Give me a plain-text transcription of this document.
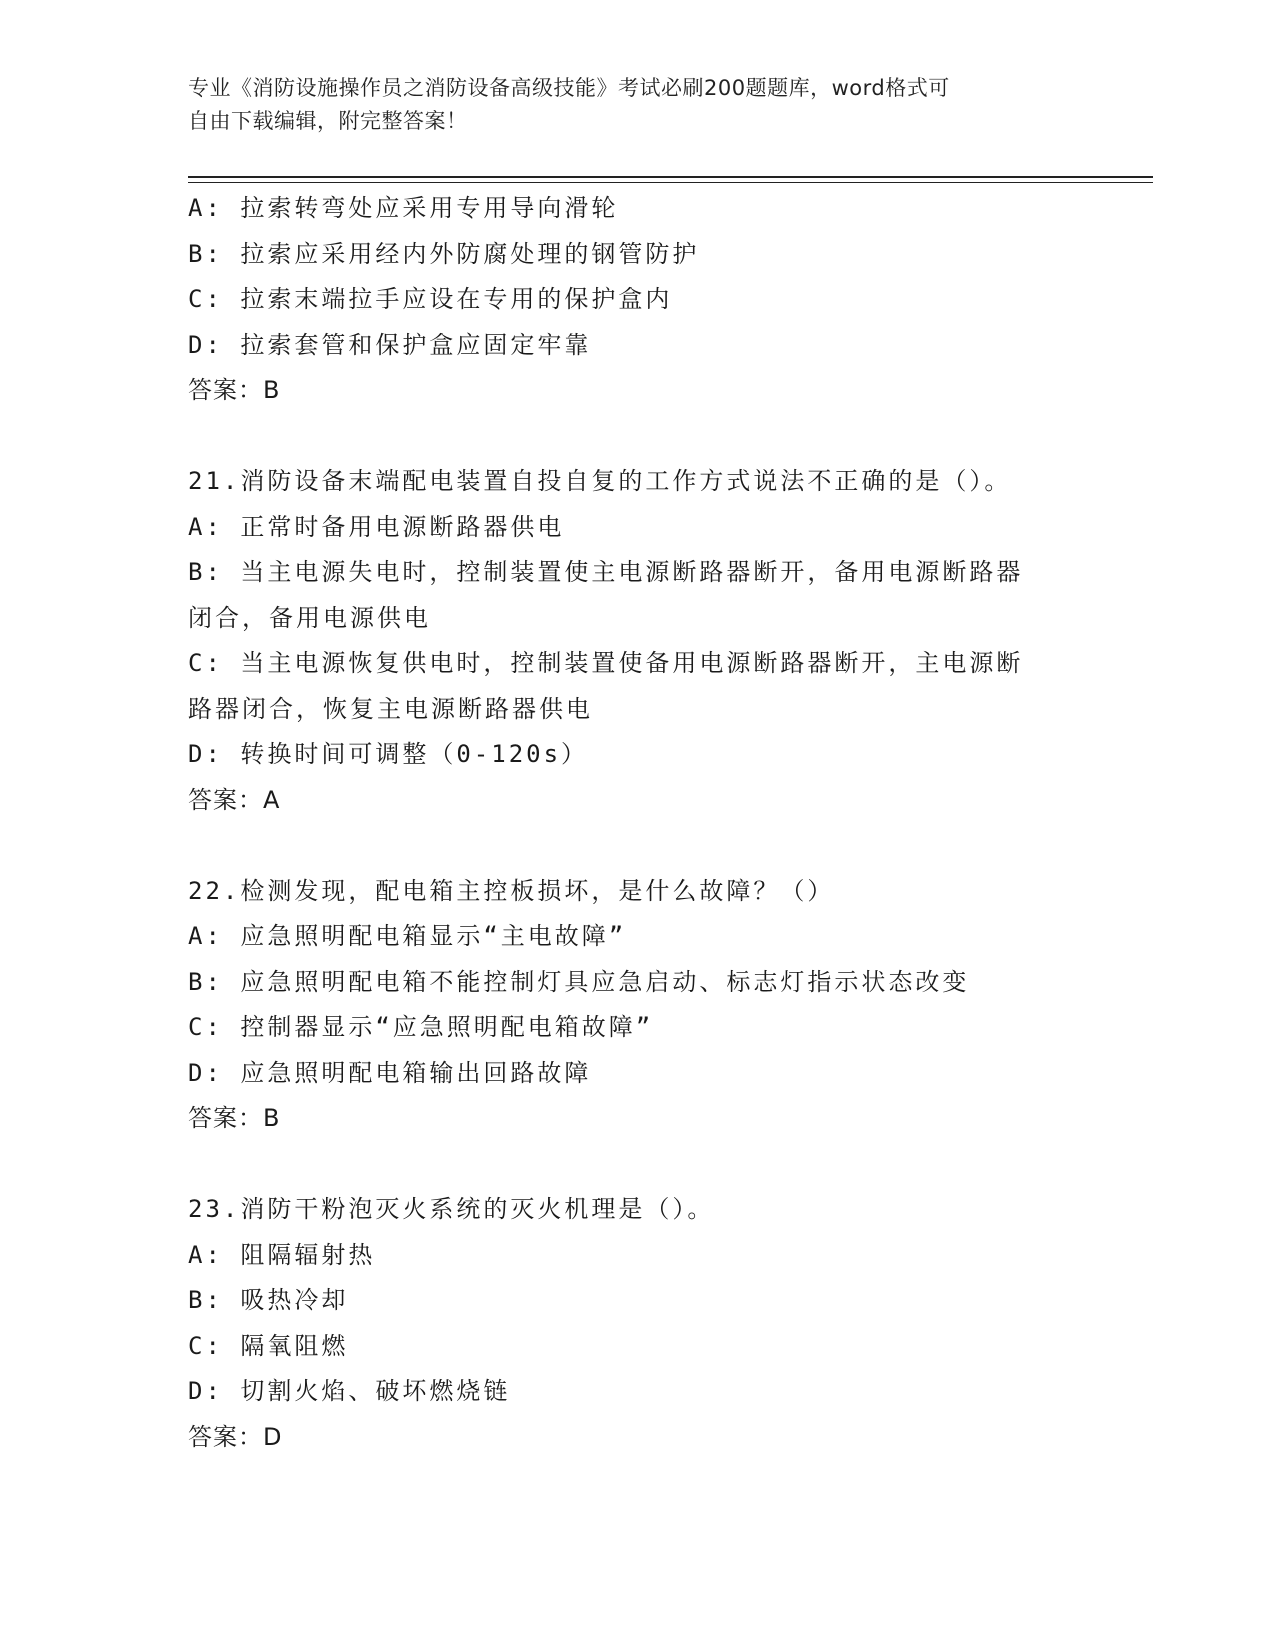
专业《消防设施操作员之消防设备高级技能》考试必刷200题题库，word格式可
自由下载编辑，附完整答案！
A: 拉索转弯处应采用专用导向滑轮
B: 拉索应采用经内外防腐处理的钢管防护
C: 拉索末端拉手应设在专用的保护盒内
D: 拉索套管和保护盒应固定牢靠
答案：B
21.消防设备末端配电装置自投自复的工作方式说法不正确的是（）。
A: 正常时备用电源断路器供电
B: 当主电源失电时，控制装置使主电源断路器断开，备用电源断路器
闭合，备用电源供电
C: 当主电源恢复供电时，控制装置使备用电源断路器断开，主电源断
路器闭合，恢复主电源断路器供电
D: 转换时间可调整（0-120s）
答案：A
22.检测发现，配电箱主控板损坏，是什么故障？（）
A: 应急照明配电箱显示“主电故障”
B: 应急照明配电箱不能控制灯具应急启动、标志灯指示状态改变
C: 控制器显示“应急照明配电箱故障”
D: 应急照明配电箱输出回路故障
答案：B
23.消防干粉泡灭火系统的灭火机理是（）。
A: 阻隔辐射热
B: 吸热冷却
C: 隔氧阻燃
D: 切割火焰、破坏燃烧链
答案：D
